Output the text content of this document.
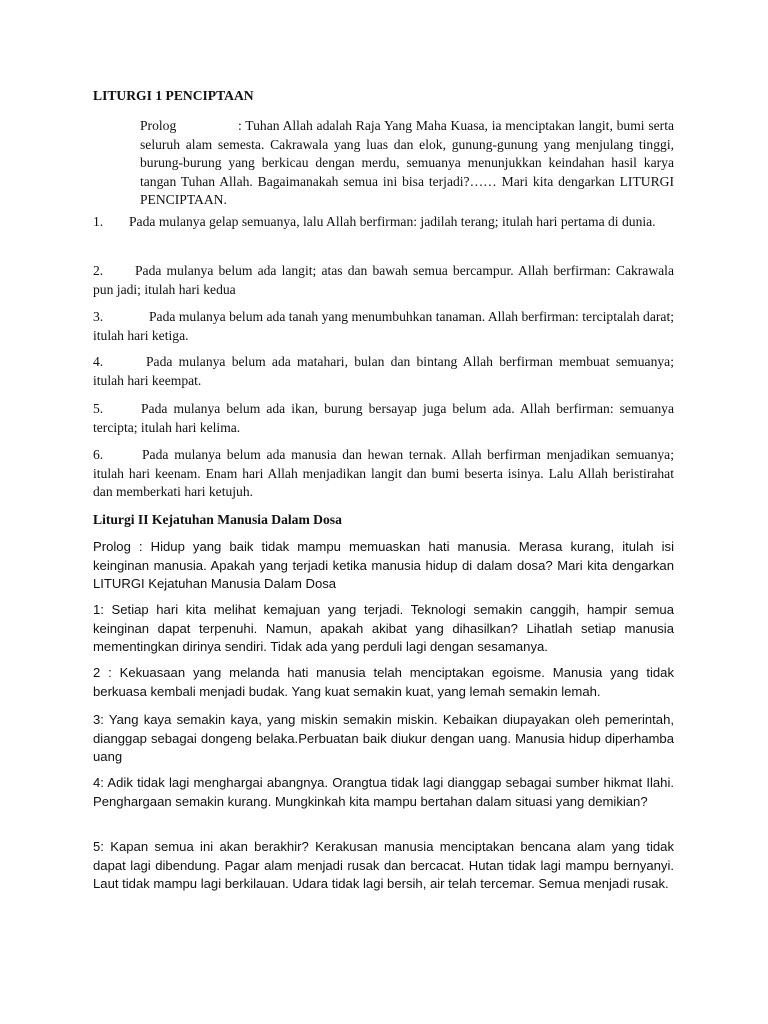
LITURGI 1 PENCIPTAAN

Prolog	: Tuhan Allah adalah Raja Yang Maha Kuasa, ia menciptakan langit, bumi serta seluruh alam semesta. Cakrawala yang luas dan elok, gunung-gunung yang menjulang tinggi, burung-burung yang berkicau dengan merdu, semuanya menunjukkan keindahan hasil karya tangan Tuhan Allah. Bagaimanakah semua ini bisa terjadi?…… Mari kita dengarkan LITURGI PENCIPTAAN.

1. Pada mulanya gelap semuanya, lalu Allah berfirman: jadilah terang; itulah hari pertama di dunia.

2. Pada mulanya belum ada langit; atas dan bawah semua bercampur. Allah berfirman: Cakrawala pun jadi; itulah hari kedua

3.	Pada mulanya belum ada tanah yang menumbuhkan tanaman. Allah berfirman: terciptalah darat; itulah hari ketiga.

4.	Pada mulanya belum ada matahari, bulan dan bintang Allah berfirman membuat semuanya; itulah hari keempat.

5.	Pada mulanya belum ada ikan, burung bersayap juga belum ada. Allah berfirman: semuanya tercipta; itulah hari kelima.

6.	Pada mulanya belum ada manusia dan hewan ternak. Allah berfirman menjadikan semuanya; itulah hari keenam. Enam hari Allah menjadikan langit dan bumi beserta isinya. Lalu Allah beristirahat dan memberkati hari ketujuh.

Liturgi II Kejatuhan Manusia Dalam Dosa

Prolog : Hidup yang baik tidak mampu memuaskan hati manusia. Merasa kurang, itulah isi keinginan manusia. Apakah yang terjadi ketika manusia hidup di dalam dosa? Mari kita dengarkan LITURGI Kejatuhan Manusia Dalam Dosa

1: Setiap hari kita melihat kemajuan yang terjadi. Teknologi semakin canggih, hampir semua keinginan dapat terpenuhi. Namun, apakah akibat yang dihasilkan? Lihatlah setiap manusia mementingkan dirinya sendiri. Tidak ada yang perduli lagi dengan sesamanya.

2 : Kekuasaan yang melanda hati manusia telah menciptakan egoisme. Manusia yang tidak berkuasa kembali menjadi budak. Yang kuat semakin kuat, yang lemah semakin lemah.

3: Yang kaya semakin kaya, yang miskin semakin miskin. Kebaikan diupayakan oleh pemerintah, dianggap sebagai dongeng belaka.Perbuatan baik diukur dengan uang. Manusia hidup diperhamba uang

4: Adik tidak lagi menghargai abangnya. Orangtua tidak lagi dianggap sebagai sumber hikmat Ilahi. Penghargaan semakin kurang. Mungkinkah kita mampu bertahan dalam situasi yang demikian?

5: Kapan semua ini akan berakhir? Kerakusan manusia menciptakan bencana alam yang tidak dapat lagi dibendung. Pagar alam menjadi rusak dan bercacat. Hutan tidak lagi mampu bernyanyi. Laut tidak mampu lagi berkilauan. Udara tidak lagi bersih, air telah tercemar. Semua menjadi rusak.
